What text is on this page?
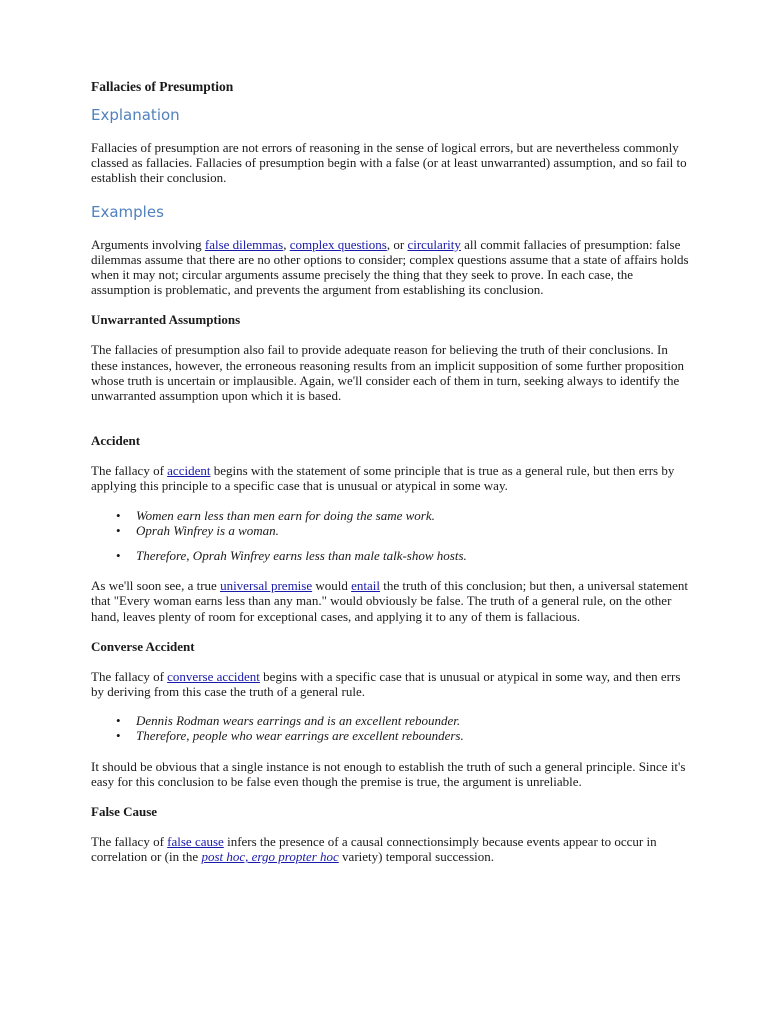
Fallacies of Presumption
Explanation

Fallacies of presumption are not errors of reasoning in the sense of logical errors, but are nevertheless commonly classed as fallacies. Fallacies of presumption begin with a false (or at least unwarranted) assumption, and so fail to establish their conclusion.

Examples

Arguments involving false dilemmas, complex questions, or circularity all commit fallacies of presumption: false dilemmas assume that there are no other options to consider; complex questions assume that a state of affairs holds when it may not; circular arguments assume precisely the thing that they seek to prove. In each case, the assumption is problematic, and prevents the argument from establishing its conclusion.

Unwarranted Assumptions

The fallacies of presumption also fail to provide adequate reason for believing the truth of their conclusions. In these instances, however, the erroneous reasoning results from an implicit supposition of some further proposition whose truth is uncertain or implausible. Again, we'll consider each of them in turn, seeking always to identify the unwarranted assumption upon which it is based.

Accident

The fallacy of accident begins with the statement of some principle that is true as a general rule, but then errs by applying this principle to a specific case that is unusual or atypical in some way.

• Women earn less than men earn for doing the same work.
• Oprah Winfrey is a woman.
• Therefore, Oprah Winfrey earns less than male talk-show hosts.

As we'll soon see, a true universal premise would entail the truth of this conclusion; but then, a universal statement that "Every woman earns less than any man." would obviously be false. The truth of a general rule, on the other hand, leaves plenty of room for exceptional cases, and applying it to any of them is fallacious.

Converse Accident

The fallacy of converse accident begins with a specific case that is unusual or atypical in some way, and then errs by deriving from this case the truth of a general rule.

• Dennis Rodman wears earrings and is an excellent rebounder.
• Therefore, people who wear earrings are excellent rebounders.

It should be obvious that a single instance is not enough to establish the truth of such a general principle. Since it's easy for this conclusion to be false even though the premise is true, the argument is unreliable.

False Cause

The fallacy of false cause infers the presence of a causal connectionsimply because events appear to occur in correlation or (in the post hoc, ergo propter hoc variety) temporal succession.
